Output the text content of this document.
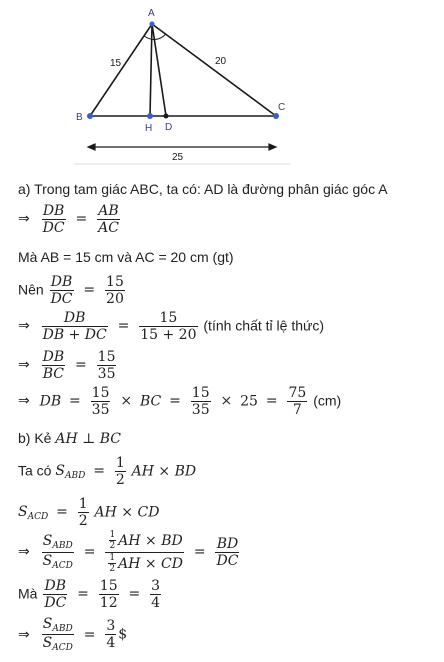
A
B
C
H D
15	20
25
a) Trong tam giác ABC, ta có: AD là đường phân giác góc A
⇒ $\frac{DB}{DC} = \frac{AB}{AC}$
Mà AB = 15 cm và AC = 20 cm (gt)
Nên $\frac{DB}{DC} = \frac{15}{20}$
⇒ $\frac{DB}{DB + DC} = \frac{15}{15 + 20}$ (tính chất tỉ lệ thức)
⇒ $\frac{DB}{BC} = \frac{15}{35}$
⇒ DB = $\frac{15}{35}$ × BC = $\frac{15}{35} \times 25 = \frac{75}{7} (cm)$
b) Kẻ AH ⊥ BC
Ta có $S_{ABD} = \frac{1}{2}$ AH × BD
$S_{ACD} = \frac{1}{2}$ AH × CD
⇒ $\frac{S_{ABD}}{S_{ACD}} = \frac{\frac{1}{2} AH \times BD}{\frac{1}{2} AH \times CD} = \frac{BD}{DC}$
Mà $\frac{DB}{DC} = \frac{15}{12} = \frac{3}{4}$
⇒ $\frac{S_{ABD}}{S_{ACD}} = \frac{3}{4}$ $
